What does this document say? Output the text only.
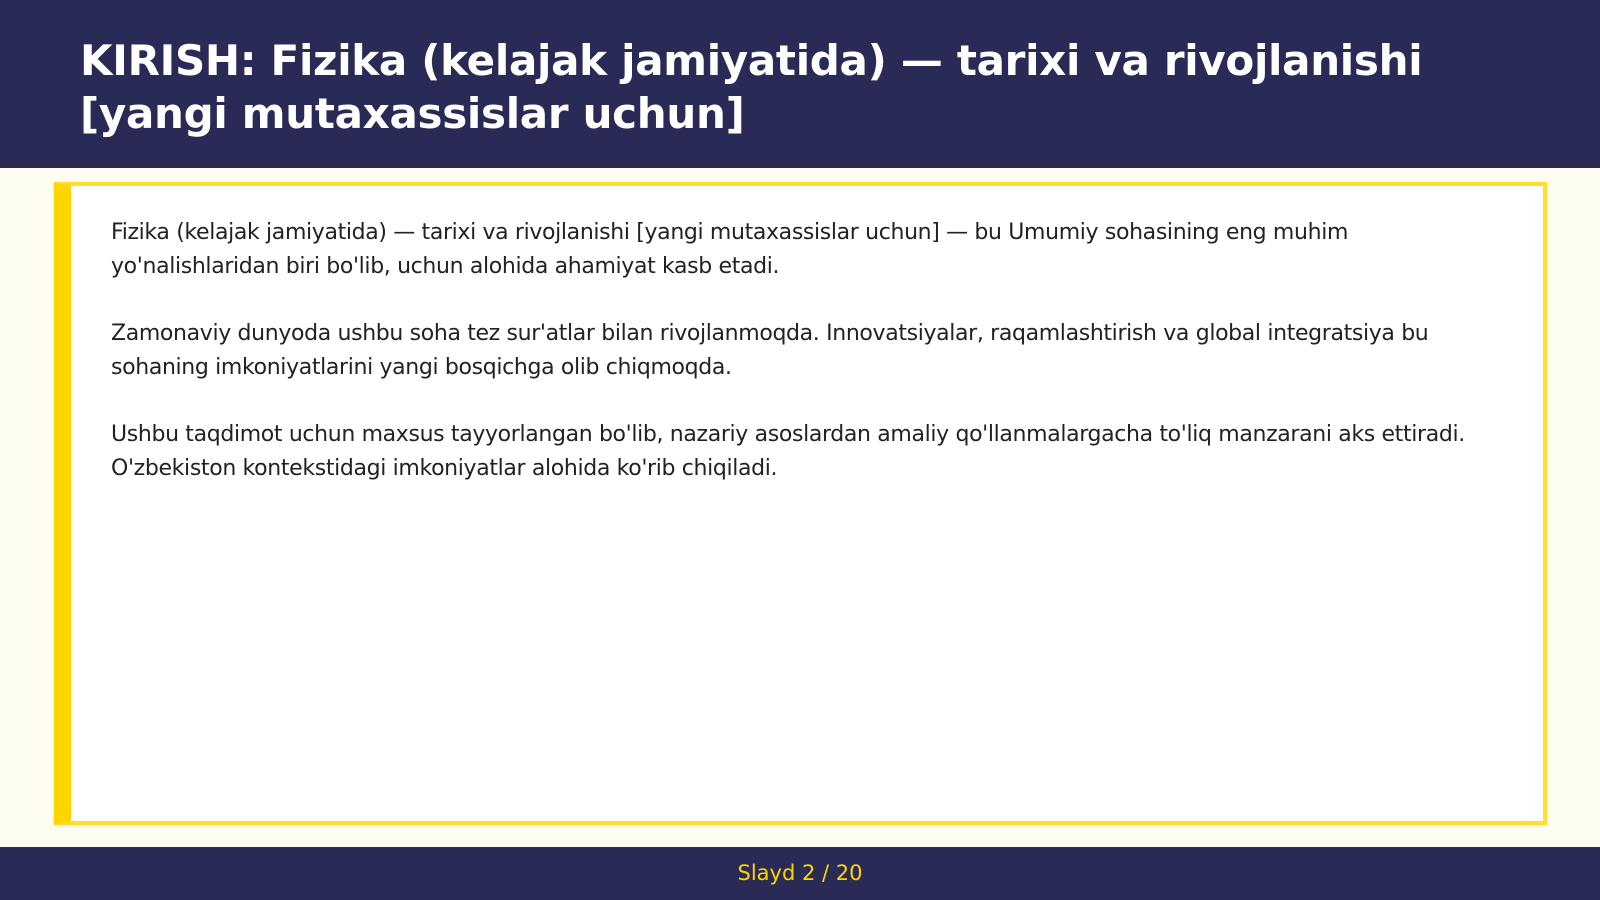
KIRISH: Fizika (kelajak jamiyatida) — tarixi va rivojlanishi [yangi mutaxassislar uchun]

Fizika (kelajak jamiyatida) — tarixi va rivojlanishi [yangi mutaxassislar uchun] — bu Umumiy sohasining eng muhim yo'nalishlaridan biri bo'lib, uchun alohida ahamiyat kasb etadi.

Zamonaviy dunyoda ushbu soha tez sur'atlar bilan rivojlanmoqda. Innovatsiyalar, raqamlashtirish va global integratsiya bu sohaning imkoniyatlarini yangi bosqichga olib chiqmoqda.

Ushbu taqdimot uchun maxsus tayyorlangan bo'lib, nazariy asoslardan amaliy qo'llanmalargacha to'liq manzarani aks ettiradi. O'zbekiston kontekstidagi imkoniyatlar alohida ko'rib chiqiladi.

Slayd 2 / 20
